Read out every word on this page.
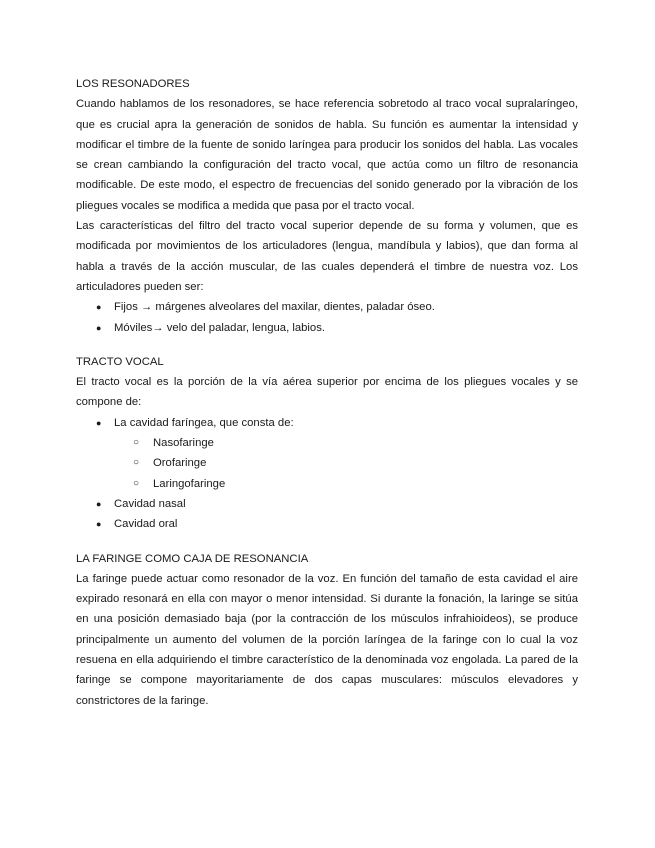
LOS RESONADORES

Cuando hablamos de los resonadores, se hace referencia sobretodo al traco vocal supralaríngeo, que es crucial apra la generación de sonidos de habla. Su función es aumentar la intensidad y modificar el timbre de la fuente de sonido laríngea para producir los sonidos del habla. Las vocales se crean cambiando la configuración del tracto vocal, que actúa como un filtro de resonancia modificable. De este modo, el espectro de frecuencias del sonido generado por la vibración de los pliegues vocales se modifica a medida que pasa por el tracto vocal.

Las características del filtro del tracto vocal superior depende de su forma y volumen, que es modificada por movimientos de los articuladores (lengua, mandíbula y labios), que dan forma al habla a través de la acción muscular, de las cuales dependerá el timbre de nuestra voz. Los articuladores pueden ser:

● Fijos → márgenes alveolares del maxilar, dientes, paladar óseo.
● Móviles→ velo del paladar, lengua, labios.
TRACTO VOCAL

El tracto vocal es la porción de la vía aérea superior por encima de los pliegues vocales y se compone de:

● La cavidad faríngea, que consta de:
○ Nasofaringe
○ Orofaringe
○ Laringofaringe
● Cavidad nasal
● Cavidad oral
LA FARINGE COMO CAJA DE RESONANCIA

La faringe puede actuar como resonador de la voz. En función del tamaño de esta cavidad el aire expirado resonará en ella con mayor o menor intensidad. Si durante la fonación, la laringe se sitúa en una posición demasiado baja (por la contracción de los músculos infrahioideos), se produce principalmente un aumento del volumen de la porción laríngea de la faringe con lo cual la voz resuena en ella adquiriendo el timbre característico de la denominada voz engolada. La pared de la faringe se compone mayoritariamente de dos capas musculares: músculos elevadores y constrictores de la faringe.
